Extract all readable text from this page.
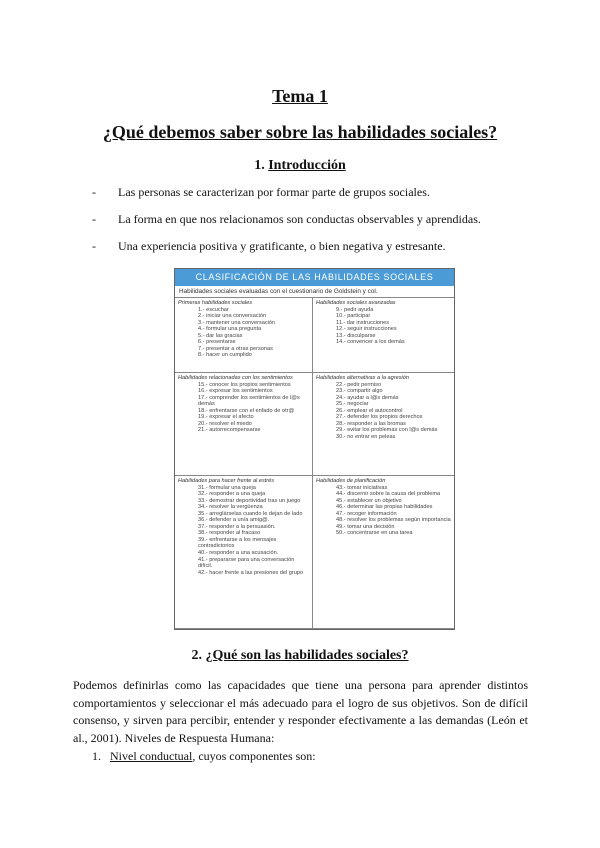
Tema 1
¿Qué debemos saber sobre las habilidades sociales?
1. Introducción
- Las personas se caracterizan por formar parte de grupos sociales.
- La forma en que nos relacionamos son conductas observables y aprendidas.
- Una experiencia positiva y gratificante, o bien negativa y estresante.
CLASIFICACIÓN DE LAS HABILIDADES SOCIALES
Habilidades sociales evaluadas con el cuestionario de Goldstein y col.
Primeras habilidades sociales
1.- escuchar
2.- iniciar una conversación
3.- mantener una conversación
4.- formular una pregunta
5.- dar las gracias
6.- presentarse
7.- presentar a otras personas
8.- hacer un cumplido
Habilidades sociales avanzadas
9.- pedir ayuda
10.- participar
11.- dar instrucciones
12.- seguir instrucciones
13.- disculparse
14.- convencer a los demás
Habilidades relacionadas con los sentimientos
15.- conocer los propios sentimientos
16.- expresar los sentimientos
17.- comprender los sentimientos de l@s demás
18.- enfrentarse con el enfado de otr@
19.- expresar el afecto
20.- resolver el miedo
21.- autorrecompensarse
Habilidades alternativas a la agresión
22.- pedir permiso
23.- compartir algo
24.- ayudar a l@s demás
25.- negociar
26.- emplear el autocontrol
27.- defender los propios derechos
28.- responder a las bromas
29.- evitar los problemas con l@s demás
30.- no entrar en peleas
Habilidades para hacer frente al estrés
31.- formular una queja
32.- responder a una queja
33.- demostrar deportividad tras un juego
34.- resolver la vergüenza
35.- arreglárselas cuando le dejan de lado
36.- defender a un/a amig@.
37.- responder a la persuasión.
38.- responder al fracaso
39.- enfrentarse a los mensajes contradictorios
40.- responder a una acusación.
41.- prepararse para una conversación difícil.
42.- hacer frente a las presiones del grupo
Habilidades de planificación
43.- tomar iniciativas
44.- discernir sobre la causa del problema
45.- establecer un objetivo
46.- determinar las propias habilidades
47.- recoger información
48.- resolver los problemas según importancia
49.- tomar una decisión
50.- concentrarse en una tarea
2. ¿Qué son las habilidades sociales?
Podemos definirlas como las capacidades que tiene una persona para aprender distintos comportamientos y seleccionar el más adecuado para el logro de sus objetivos. Son de difícil consenso, y sirven para percibir, entender y responder efectivamente a las demandas (León et al., 2001). Niveles de Respuesta Humana:
1. Nivel conductual, cuyos componentes son:
